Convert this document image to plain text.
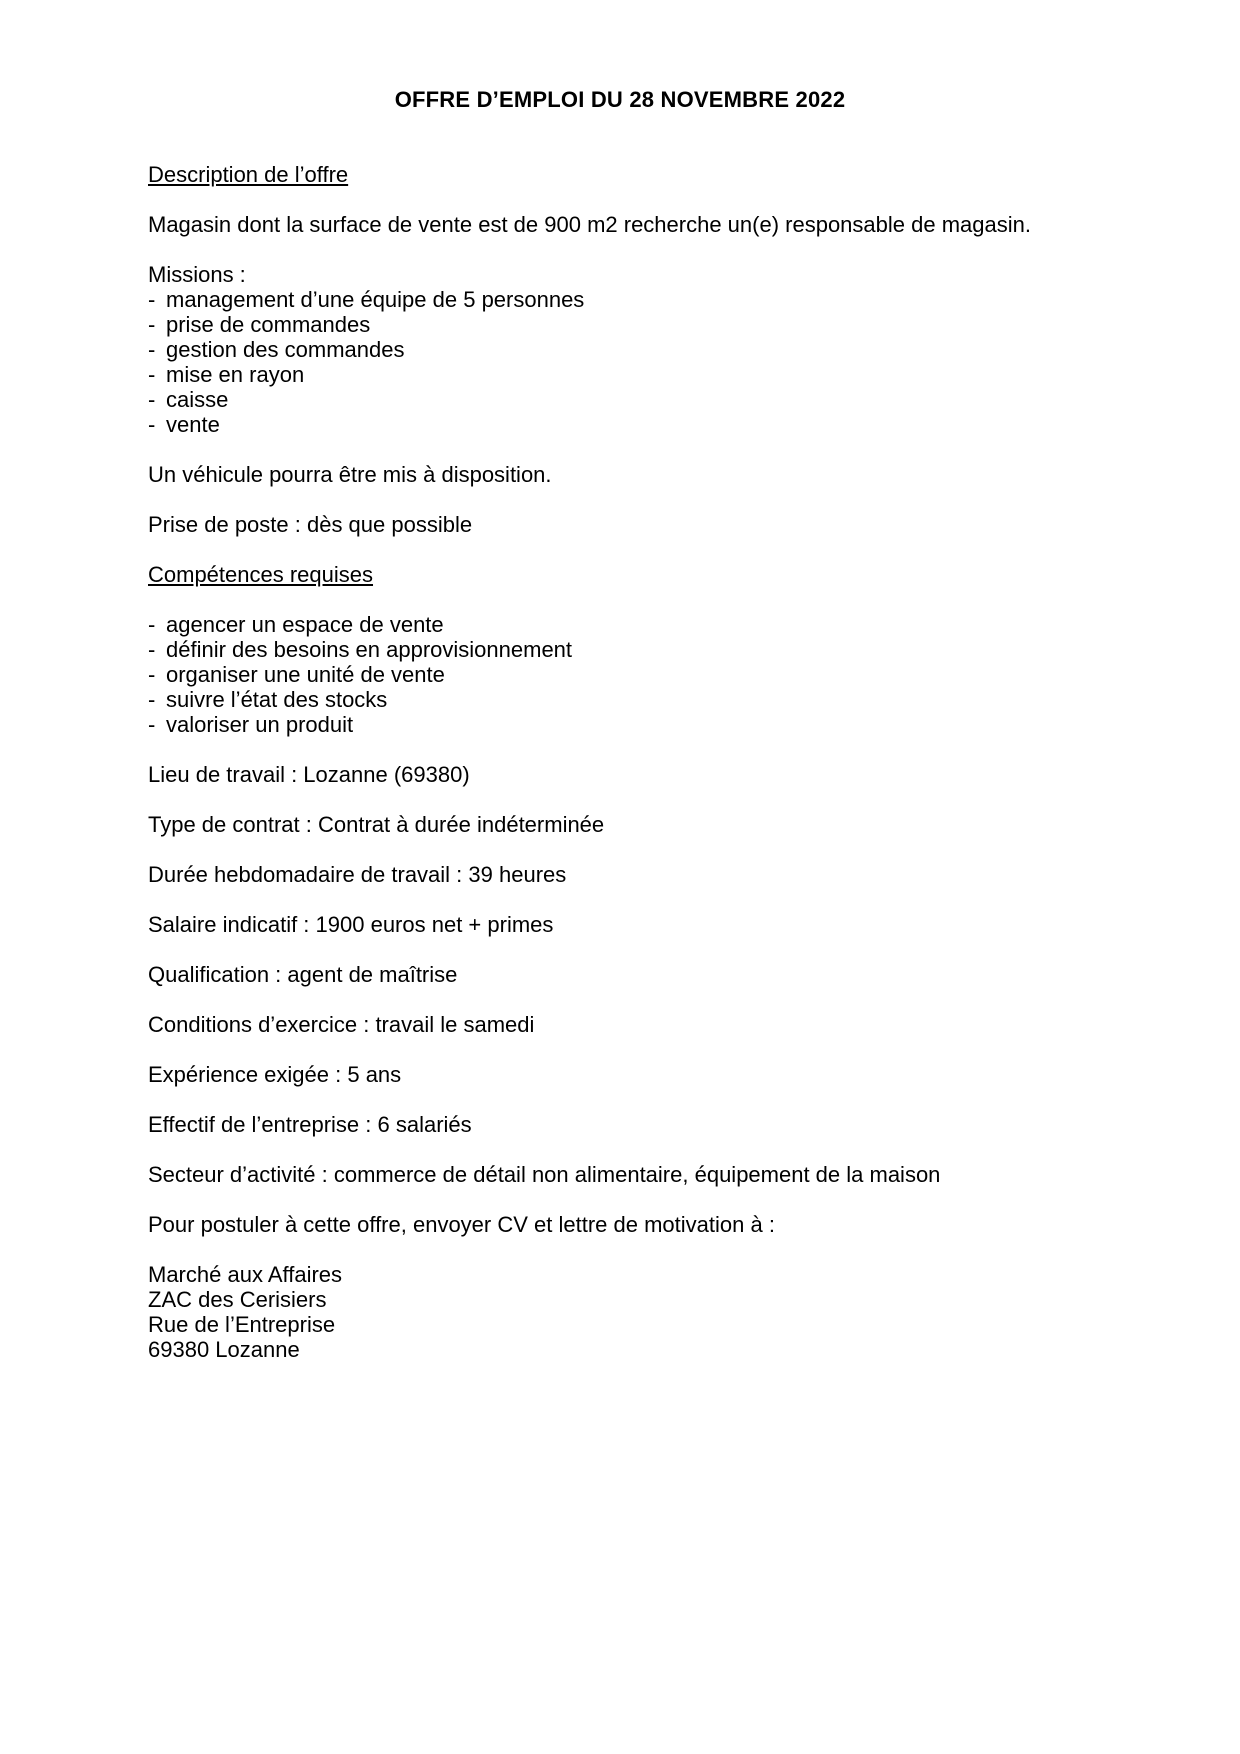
OFFRE D’EMPLOI DU 28 NOVEMBRE 2022
Description de l’offre
Magasin dont la surface de vente est de 900 m2 recherche un(e) responsable de magasin.
Missions :
- management d’une équipe de 5 personnes
- prise de commandes
- gestion des commandes
- mise en rayon
- caisse
- vente
Un véhicule pourra être mis à disposition.
Prise de poste : dès que possible
Compétences requises
- agencer un espace de vente
- définir des besoins en approvisionnement
- organiser une unité de vente
- suivre l’état des stocks
- valoriser un produit
Lieu de travail : Lozanne (69380)
Type de contrat : Contrat à durée indéterminée
Durée hebdomadaire de travail : 39 heures
Salaire indicatif : 1900 euros net + primes
Qualification : agent de maîtrise
Conditions d’exercice : travail le samedi
Expérience exigée : 5 ans
Effectif de l’entreprise : 6 salariés
Secteur d’activité : commerce de détail non alimentaire, équipement de la maison
Pour postuler à cette offre, envoyer CV et lettre de motivation à :
Marché aux Affaires
ZAC des Cerisiers
Rue de l’Entreprise
69380 Lozanne
